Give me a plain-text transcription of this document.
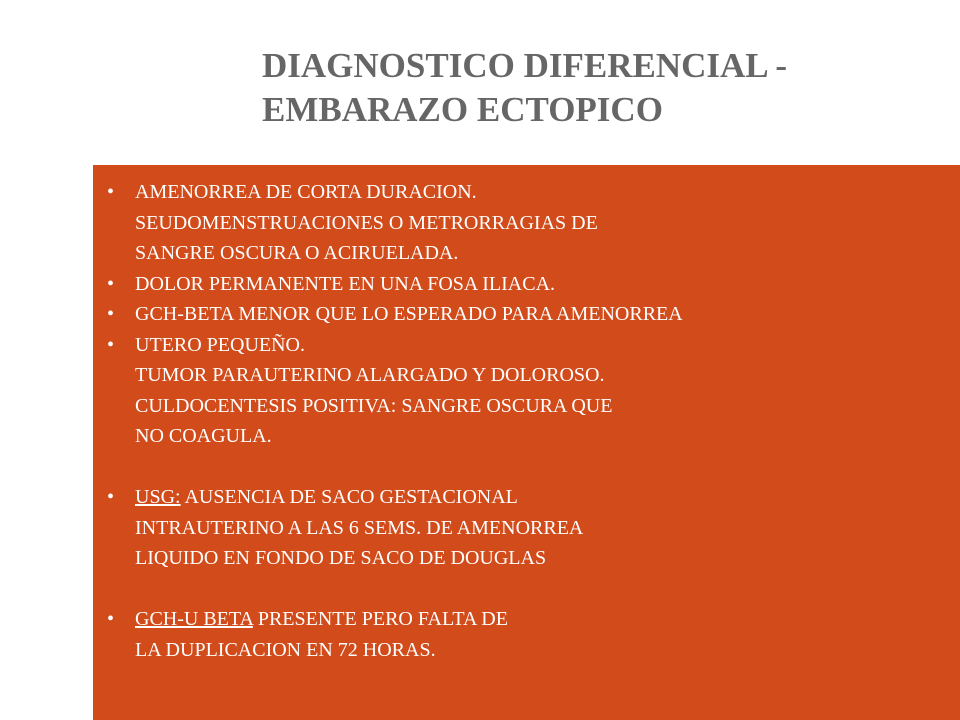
DIAGNOSTICO DIFERENCIAL -
EMBARAZO ECTOPICO
• AMENORREA DE CORTA DURACION.
SEUDOMENSTRUACIONES O METRORRAGIAS DE
SANGRE OSCURA O ACIRUELADA.
• DOLOR PERMANENTE EN UNA FOSA ILIACA.
• GCH-BETA MENOR QUE LO ESPERADO PARA AMENORREA
• UTERO PEQUEÑO.
TUMOR PARAUTERINO ALARGADO Y DOLOROSO.
CULDOCENTESIS POSITIVA: SANGRE OSCURA QUE
NO COAGULA.
• USG: AUSENCIA DE SACO GESTACIONAL
INTRAUTERINO A LAS 6 SEMS. DE AMENORREA
LIQUIDO EN FONDO DE SACO DE DOUGLAS
• GCH-U BETA PRESENTE PERO FALTA DE
LA DUPLICACION EN 72 HORAS.
